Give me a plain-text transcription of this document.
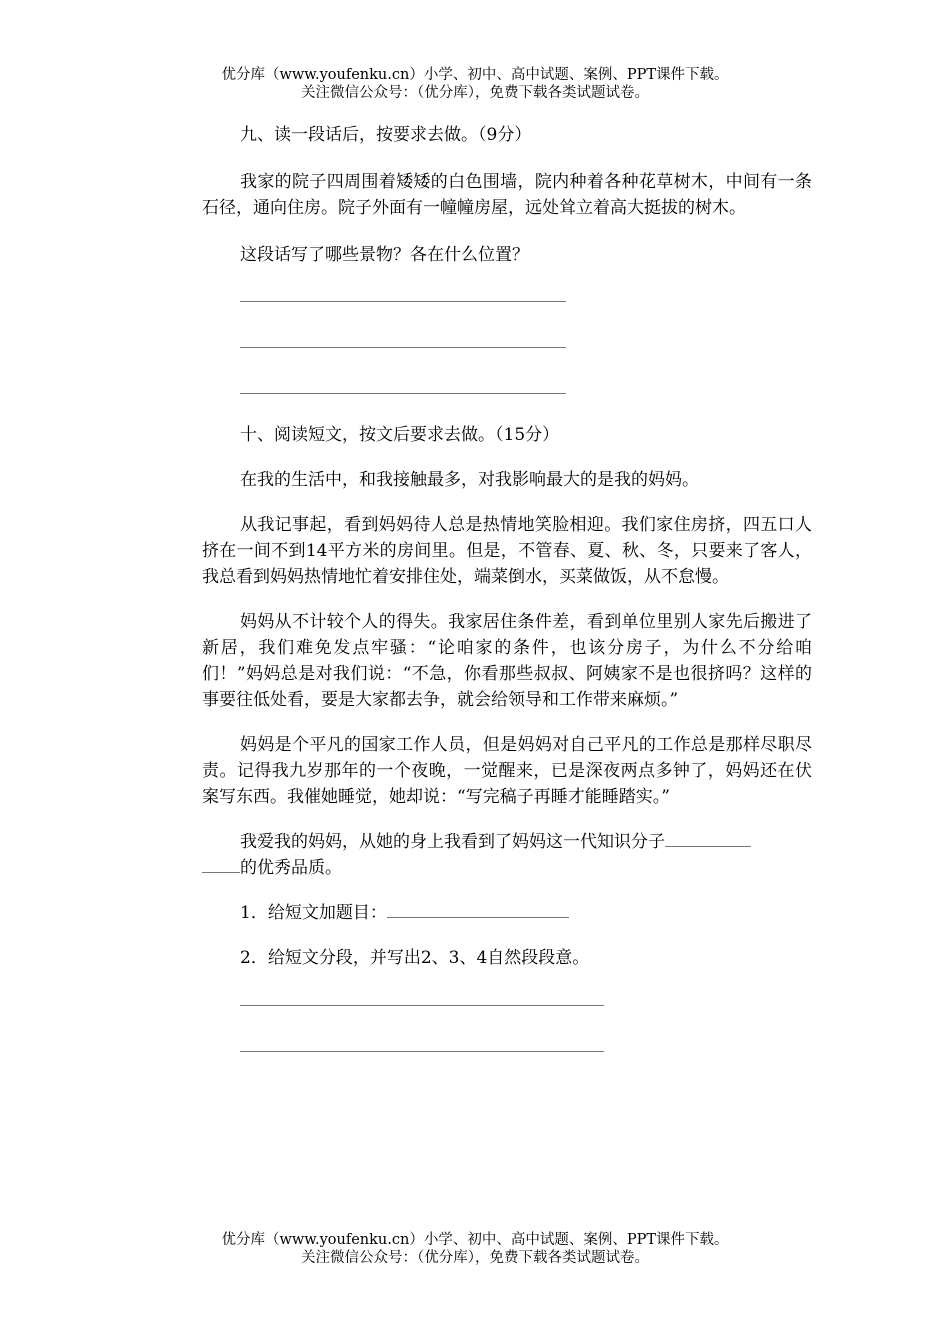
优分库（www.youfenku.cn）小学、初中、高中试题、案例、PPT课件下载。
关注微信公众号：（优分库），免费下载各类试题试卷。

九、读一段话后，按要求去做。（9分）

我家的院子四周围着矮矮的白色围墙，院内种着各种花草树木，中间有一条石径，通向住房。院子外面有一幢幢房屋，远处耸立着高大挺拔的树木。

这段话写了哪些景物？各在什么位置？

十、阅读短文，按文后要求去做。（15分）

在我的生活中，和我接触最多，对我影响最大的是我的妈妈。

从我记事起，看到妈妈待人总是热情地笑脸相迎。我们家住房挤，四五口人挤在一间不到14平方米的房间里。但是，不管春、夏、秋、冬，只要来了客人，我总看到妈妈热情地忙着安排住处，端菜倒水，买菜做饭，从不怠慢。

妈妈从不计较个人的得失。我家居住条件差，看到单位里别人家先后搬进了新居，我们难免发点牢骚：“论咱家的条件，也该分房子，为什么不分给咱们！”妈妈总是对我们说：“不急，你看那些叔叔、阿姨家不是也很挤吗？这样的事要往低处看，要是大家都去争，就会给领导和工作带来麻烦。”

妈妈是个平凡的国家工作人员，但是妈妈对自己平凡的工作总是那样尽职尽责。记得我九岁那年的一个夜晚，一觉醒来，已是深夜两点多钟了，妈妈还在伏案写东西。我催她睡觉，她却说：“写完稿子再睡才能睡踏实。”

我爱我的妈妈，从她的身上我看到了妈妈这一代知识分子
的优秀品质。

1．给短文加题目：

2．给短文分段，并写出2、3、4自然段段意。

优分库（www.youfenku.cn）小学、初中、高中试题、案例、PPT课件下载。
关注微信公众号：（优分库），免费下载各类试题试卷。
